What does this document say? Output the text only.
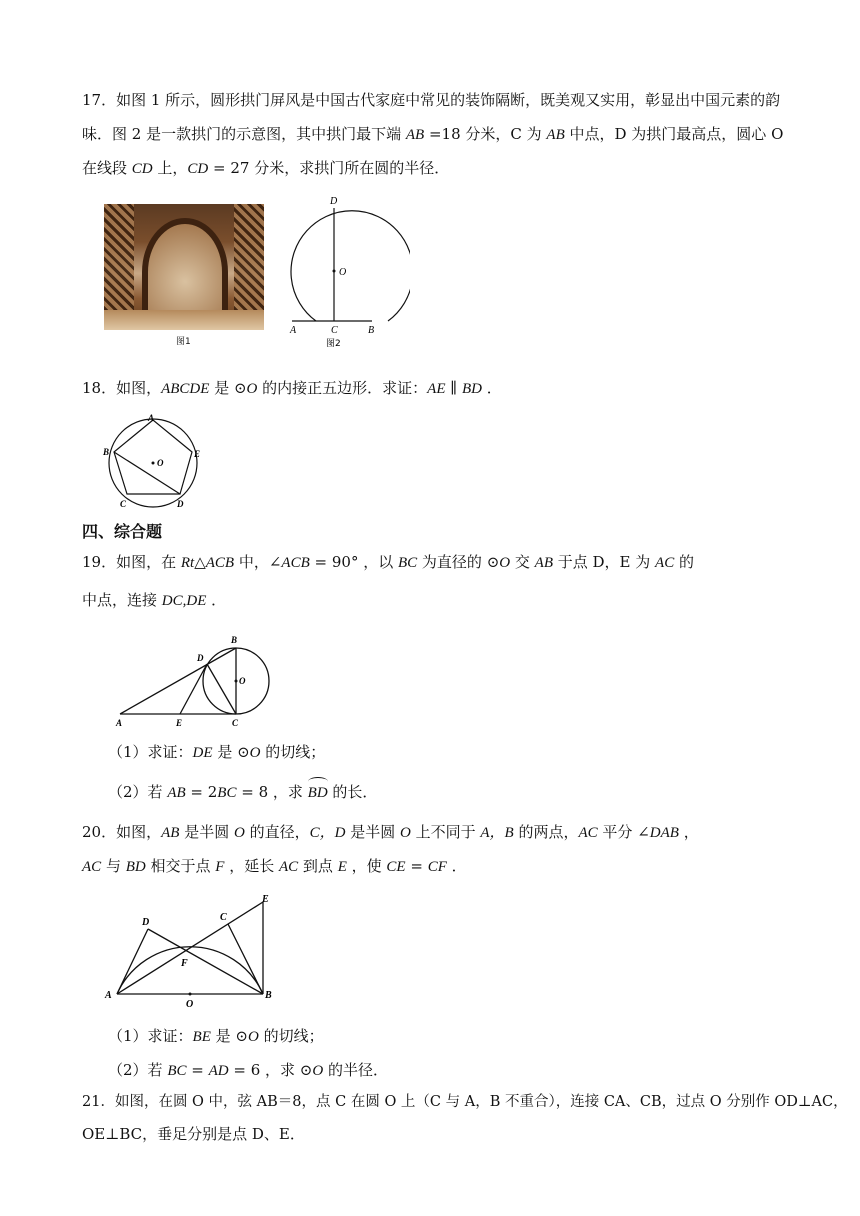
17．如图 1 所示，圆形拱门屏风是中国古代家庭中常见的装饰隔断，既美观又实用，彰显出中国元素的韵
味．图 2 是一款拱门的示意图，其中拱门最下端 AB =18 分米，C 为 AB 中点，D 为拱门最高点，圆心 O
在线段 CD 上，CD = 27 分米，求拱门所在圆的半径．
图1
D
O
A	C	B
图2
18．如图，ABCDE 是 ⊙O 的内接正五边形．求证：AE ∥ BD ．
A
B
O
E
C	D
四、综合题
19．如图，在 Rt△ACB 中，∠ACB = 90° ，以 BC 为直径的 ⊙O 交 AB 于点 D，E 为 AC 的
中点，连接 DC,DE ．
B
D
O
A	E	C
（1）求证：DE 是 ⊙O 的切线；
（2）若 AB = 2BC = 8 ，求
BD 的长．
20．如图，AB 是半圆 O 的直径，C，D 是半圆 O 上不同于 A，B 的两点，AC 平分 ∠DAB ，
AC 与 BD 相交于点 F ，延长 AC 到点 E ，使 CE = CF ．
D	C
E
F
A
O
B
（1）求证：BE 是 ⊙O 的切线；
（2）若 BC = AD = 6 ，求 ⊙O 的半径．
21．如图，在圆 O 中，弦 AB＝8，点 C 在圆 O 上（C 与 A，B 不重合），连接 CA、CB，过点 O 分别作 OD⊥AC，
OE⊥BC，垂足分别是点 D、E．
